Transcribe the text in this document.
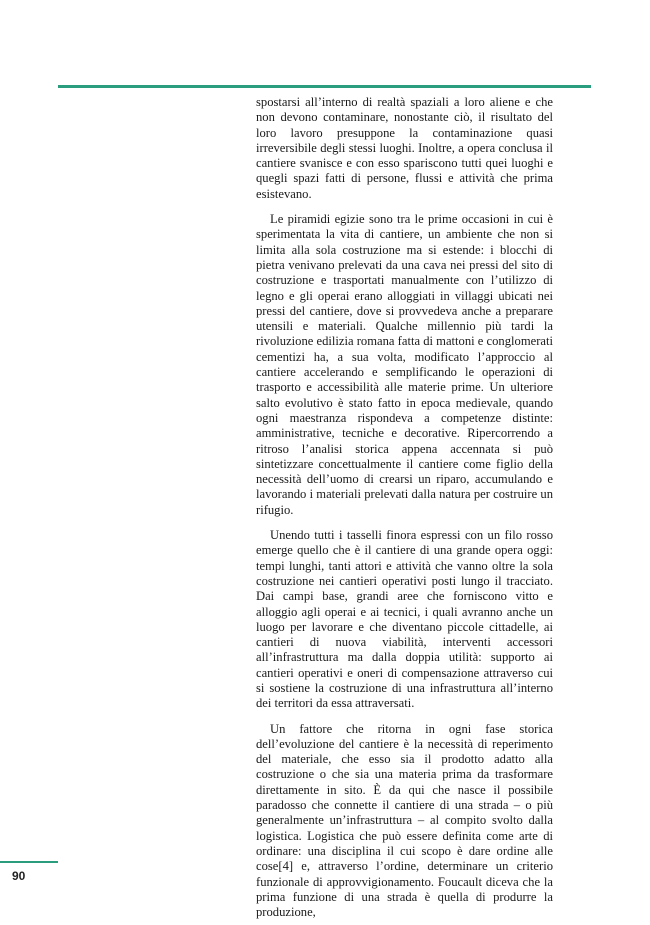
spostarsi all’interno di realtà spaziali a loro aliene e che non devono contaminare, nonostante ciò, il risultato del loro lavoro presuppone la contaminazione quasi irreversibile degli stessi luoghi. Inoltre, a opera conclusa il cantiere svanisce e con esso spariscono tutti quei luoghi e quegli spazi fatti di persone, flussi e attività che prima esistevano.

Le piramidi egizie sono tra le prime occasioni in cui è sperimentata la vita di cantiere, un ambiente che non si limita alla sola costruzione ma si estende: i blocchi di pietra venivano prelevati da una cava nei pressi del sito di costruzione e trasportati manualmente con l’utilizzo di legno e gli operai erano alloggiati in villaggi ubicati nei pressi del cantiere, dove si provvedeva anche a preparare utensili e materiali. Qualche millennio più tardi la rivoluzione edilizia romana fatta di mattoni e conglomerati cementizi ha, a sua volta, modificato l’approccio al cantiere accelerando e semplificando le operazioni di trasporto e accessibilità alle materie prime. Un ulteriore salto evolutivo è stato fatto in epoca medievale, quando ogni maestranza rispondeva a competenze distinte: amministrative, tecniche e decorative. Ripercorrendo a ritroso l’analisi storica appena accennata si può sintetizzare concettualmente il cantiere come figlio della necessità dell’uomo di crearsi un riparo, accumulando e lavorando i materiali prelevati dalla natura per costruire un rifugio.

Unendo tutti i tasselli finora espressi con un filo rosso emerge quello che è il cantiere di una grande opera oggi: tempi lunghi, tanti attori e attività che vanno oltre la sola costruzione nei cantieri operativi posti lungo il tracciato. Dai campi base, grandi aree che forniscono vitto e alloggio agli operai e ai tecnici, i quali avranno anche un luogo per lavorare e che diventano piccole cittadelle, ai cantieri di nuova viabilità, interventi accessori all’infrastruttura ma dalla doppia utilità: supporto ai cantieri operativi e oneri di compensazione attraverso cui si sostiene la costruzione di una infrastruttura all’interno dei territori da essa attraversati.

Un fattore che ritorna in ogni fase storica dell’evoluzione del cantiere è la necessità di reperimento del materiale, che esso sia il prodotto adatto alla costruzione o che sia una materia prima da trasformare direttamente in sito. È da qui che nasce il possibile paradosso che connette il cantiere di una strada – o più generalmente un’infrastruttura – al compito svolto dalla logistica. Logistica che può essere definita come arte di ordinare: una disciplina il cui scopo è dare ordine alle cose[4] e, attraverso l’ordine, determinare un criterio funzionale di approvvigionamento. Foucault diceva che la prima funzione di una strada è quella di produrre la produzione,

90
